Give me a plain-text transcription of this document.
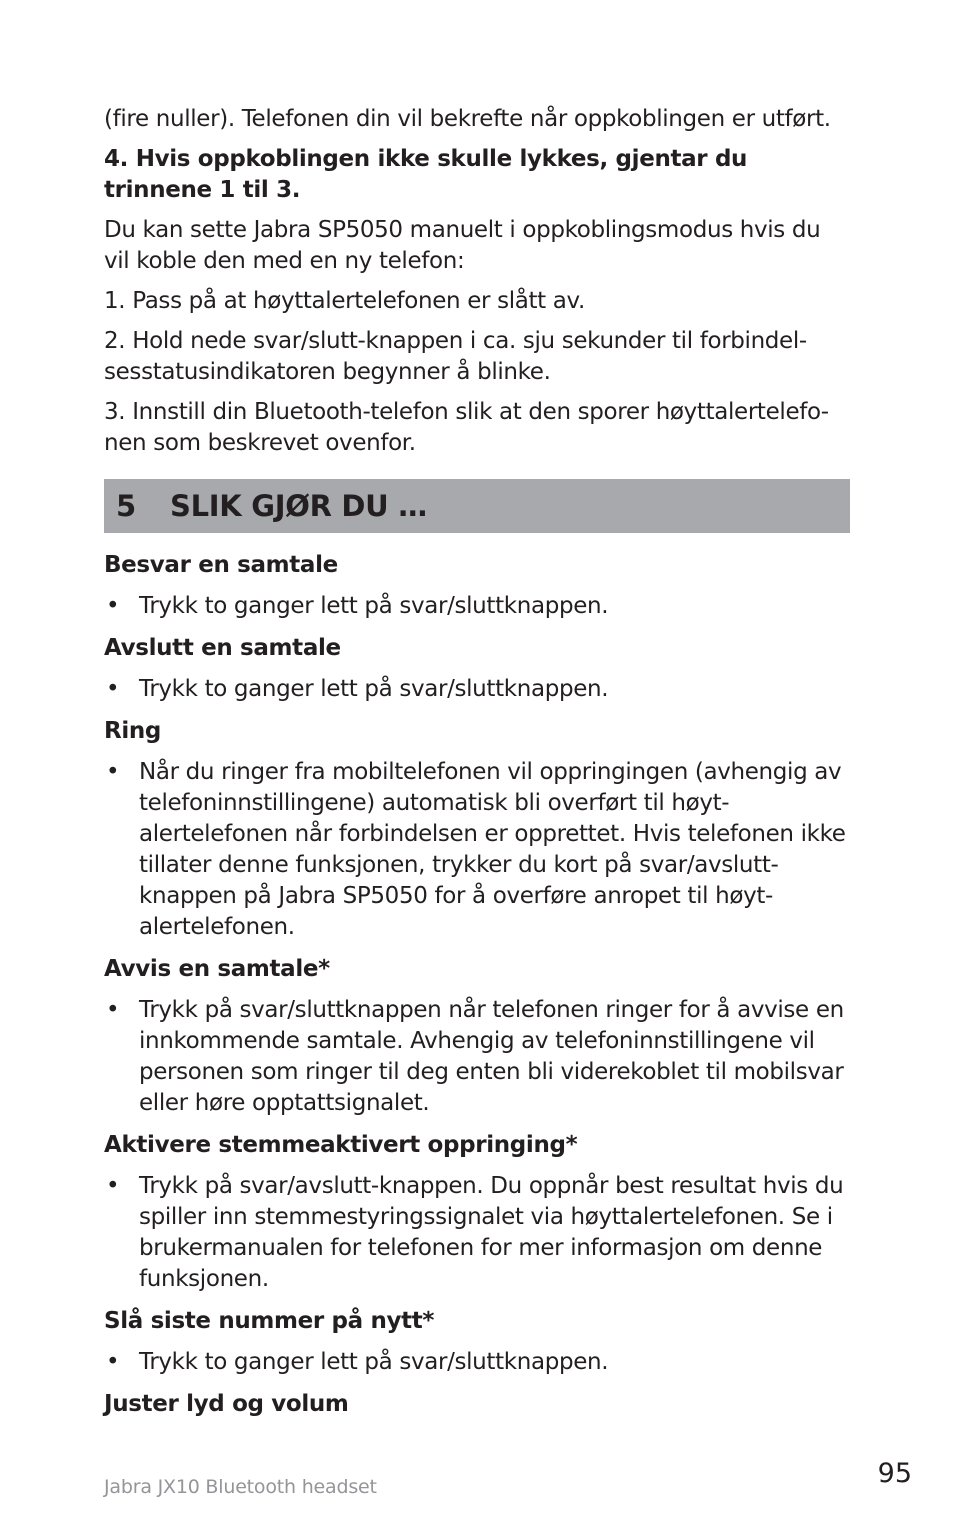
(fire nuller). Telefonen din vil bekrefte når oppkoblingen er utført.

4. Hvis oppkoblingen ikke skulle lykkes, gjentar du trinnene 1 til 3.

Du kan sette Jabra SP5050 manuelt i oppkoblingsmodus hvis du vil koble den med en ny telefon:

1. Pass på at høyttalertelefonen er slått av.

2. Hold nede svar/slutt-knappen i ca. sju sekunder til forbindelsesstatusindikatoren begynner å blinke.

3. Innstill din Bluetooth-telefon slik at den sporer høyttalertelefonen som beskrevet ovenfor.

5	SLIK GJØR DU …
Besvar en samtale
• Trykk to ganger lett på svar/sluttknappen.
Avslutt en samtale
• Trykk to ganger lett på svar/sluttknappen.
Ring
• Når du ringer fra mobiltelefonen vil oppringingen (avhengig av telefoninnstillingene) automatisk bli overført til høytalertelefonen når forbindelsen er opprettet. Hvis telefonen ikke tillater denne funksjonen, trykker du kort på svar/avsluttknappen på Jabra SP5050 for å overføre anropet til høytalertelefonen.
Avvis en samtale*
• Trykk på svar/sluttknappen når telefonen ringer for å avvise en innkommende samtale. Avhengig av telefoninnstillingene vil personen som ringer til deg enten bli viderekoblet til mobilsvar eller høre opptattsignalet.
Aktivere stemmeaktivert oppringing*
• Trykk på svar/avslutt-knappen. Du oppnår best resultat hvis du spiller inn stemmestyringssignalet via høyttalertelefonen. Se i brukermanualen for telefonen for mer informasjon om denne funksjonen.
Slå siste nummer på nytt*
• Trykk to ganger lett på svar/sluttknappen.
Juster lyd og volum
Jabra JX10 Bluetooth headset	95
